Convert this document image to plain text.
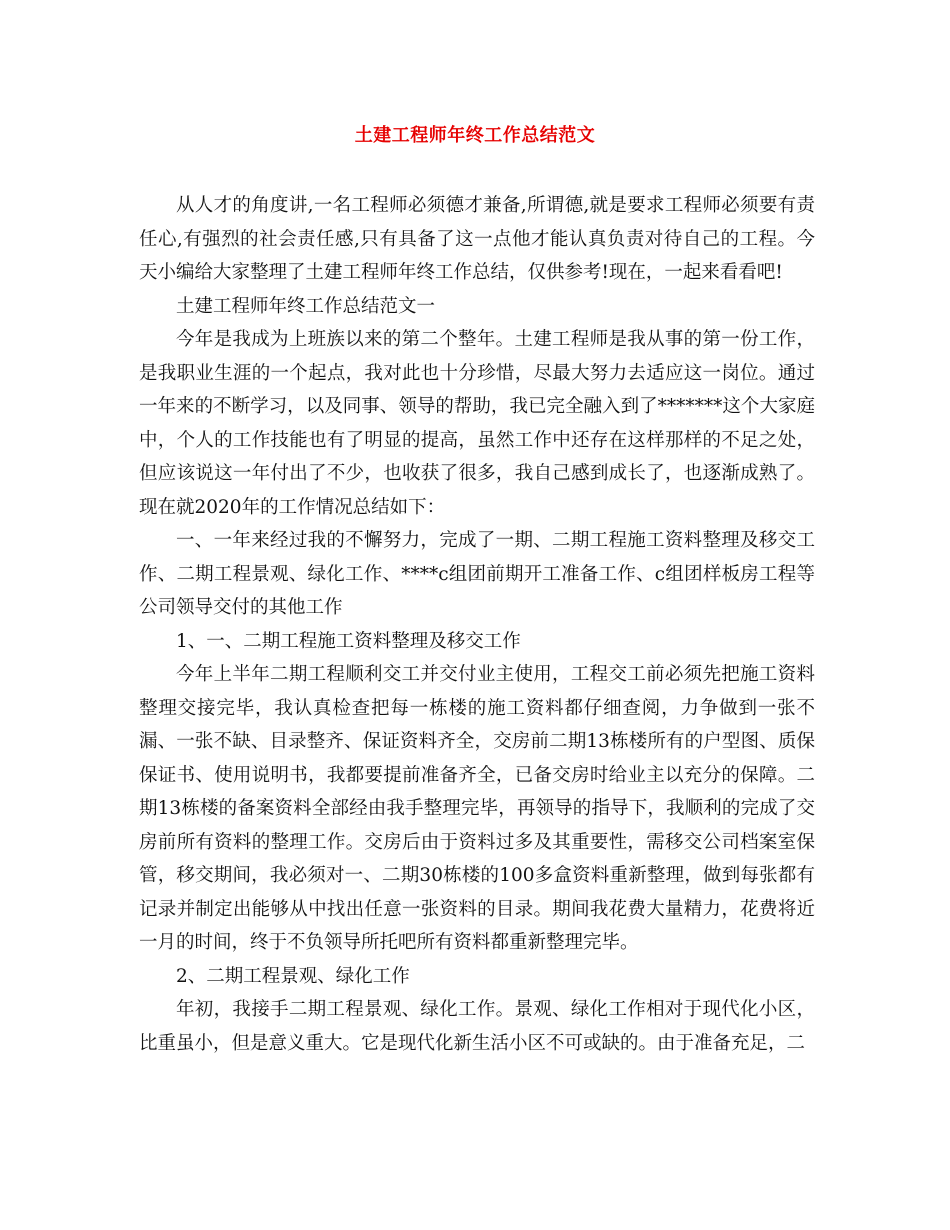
土建工程师年终工作总结范文

从人才的角度讲,一名工程师必须德才兼备,所谓德,就是要求工程师必须要有责任心,有强烈的社会责任感,只有具备了这一点他才能认真负责对待自己的工程。今天小编给大家整理了土建工程师年终工作总结，仅供参考!现在，一起来看看吧!

土建工程师年终工作总结范文一

今年是我成为上班族以来的第二个整年。土建工程师是我从事的第一份工作，是我职业生涯的一个起点，我对此也十分珍惜，尽最大努力去适应这一岗位。通过一年来的不断学习，以及同事、领导的帮助，我已完全融入到了*******这个大家庭中，个人的工作技能也有了明显的提高，虽然工作中还存在这样那样的不足之处，但应该说这一年付出了不少，也收获了很多，我自己感到成长了，也逐渐成熟了。现在就2020年的工作情况总结如下：

一、一年来经过我的不懈努力，完成了一期、二期工程施工资料整理及移交工作、二期工程景观、绿化工作、****c组团前期开工准备工作、c组团样板房工程等公司领导交付的其他工作

1、一、二期工程施工资料整理及移交工作

今年上半年二期工程顺利交工并交付业主使用，工程交工前必须先把施工资料整理交接完毕，我认真检查把每一栋楼的施工资料都仔细查阅，力争做到一张不漏、一张不缺、目录整齐、保证资料齐全，交房前二期13栋楼所有的户型图、质保保证书、使用说明书，我都要提前准备齐全，已备交房时给业主以充分的保障。二期13栋楼的备案资料全部经由我手整理完毕，再领导的指导下，我顺利的完成了交房前所有资料的整理工作。交房后由于资料过多及其重要性，需移交公司档案室保管，移交期间，我必须对一、二期30栋楼的100多盒资料重新整理，做到每张都有记录并制定出能够从中找出任意一张资料的目录。期间我花费大量精力，花费将近一月的时间，终于不负领导所托吧所有资料都重新整理完毕。

2、二期工程景观、绿化工作

年初，我接手二期工程景观、绿化工作。景观、绿化工作相对于现代化小区，比重虽小，但是意义重大。它是现代化新生活小区不可或缺的。由于准备充足，二
